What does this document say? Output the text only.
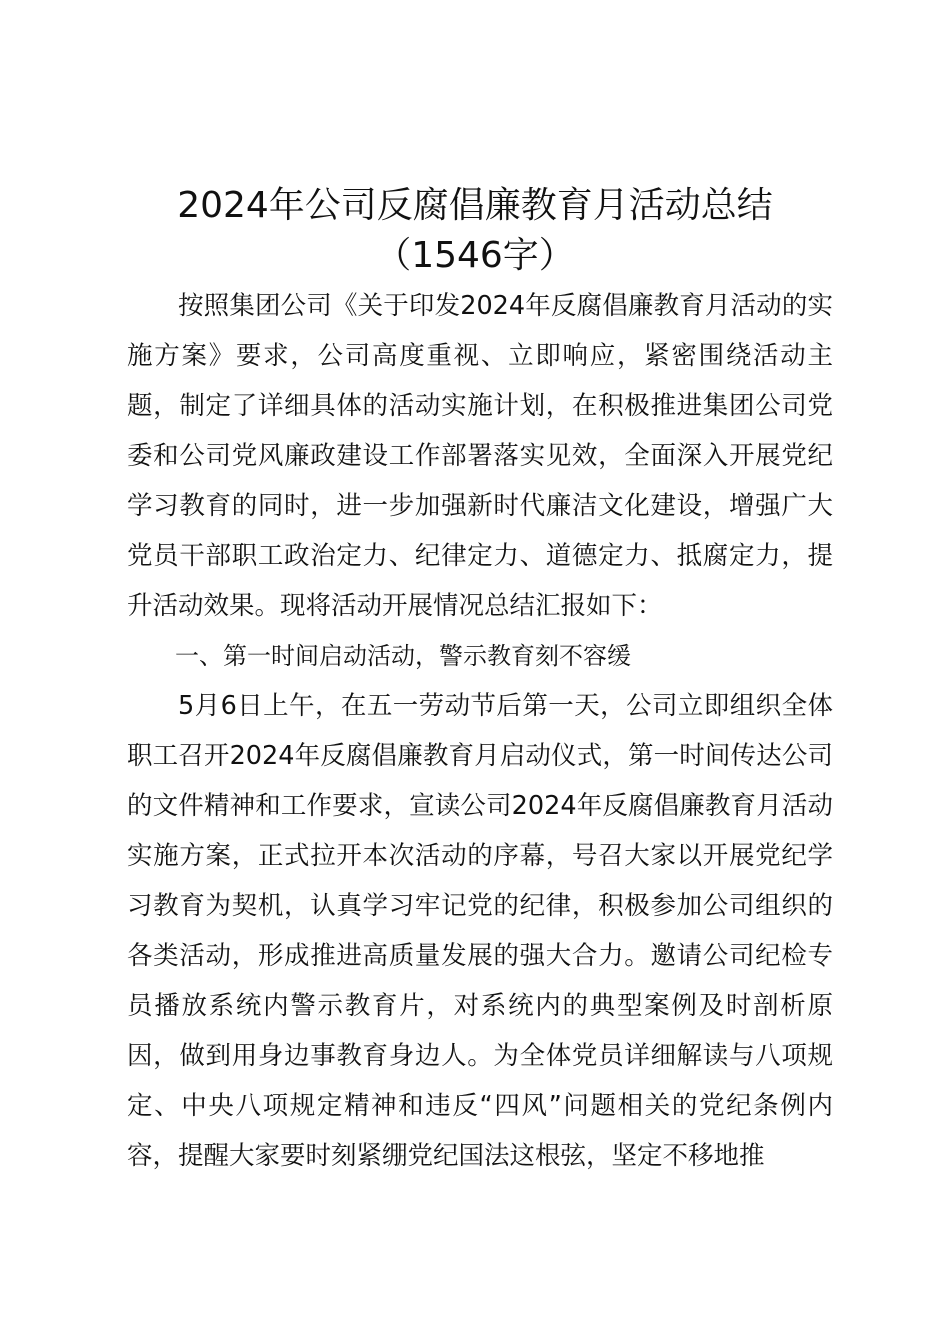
2024年公司反腐倡廉教育月活动总结
（1546字）

按照集团公司《关于印发2024年反腐倡廉教育月活动的实施方案》要求，公司高度重视、立即响应，紧密围绕活动主题，制定了详细具体的活动实施计划，在积极推进集团公司党委和公司党风廉政建设工作部署落实见效，全面深入开展党纪学习教育的同时，进一步加强新时代廉洁文化建设，增强广大党员干部职工政治定力、纪律定力、道德定力、抵腐定力，提升活动效果。现将活动开展情况总结汇报如下：

一、第一时间启动活动，警示教育刻不容缓

5月6日上午，在五一劳动节后第一天，公司立即组织全体职工召开2024年反腐倡廉教育月启动仪式，第一时间传达公司的文件精神和工作要求，宣读公司2024年反腐倡廉教育月活动实施方案，正式拉开本次活动的序幕，号召大家以开展党纪学习教育为契机，认真学习牢记党的纪律，积极参加公司组织的各类活动，形成推进高质量发展的强大合力。邀请公司纪检专员播放系统内警示教育片，对系统内的典型案例及时剖析原因，做到用身边事教育身边人。为全体党员详细解读与八项规定、中央八项规定精神和违反“四风”问题相关的党纪条例内容，提醒大家要时刻紧绷党纪国法这根弦，坚定不移地推
